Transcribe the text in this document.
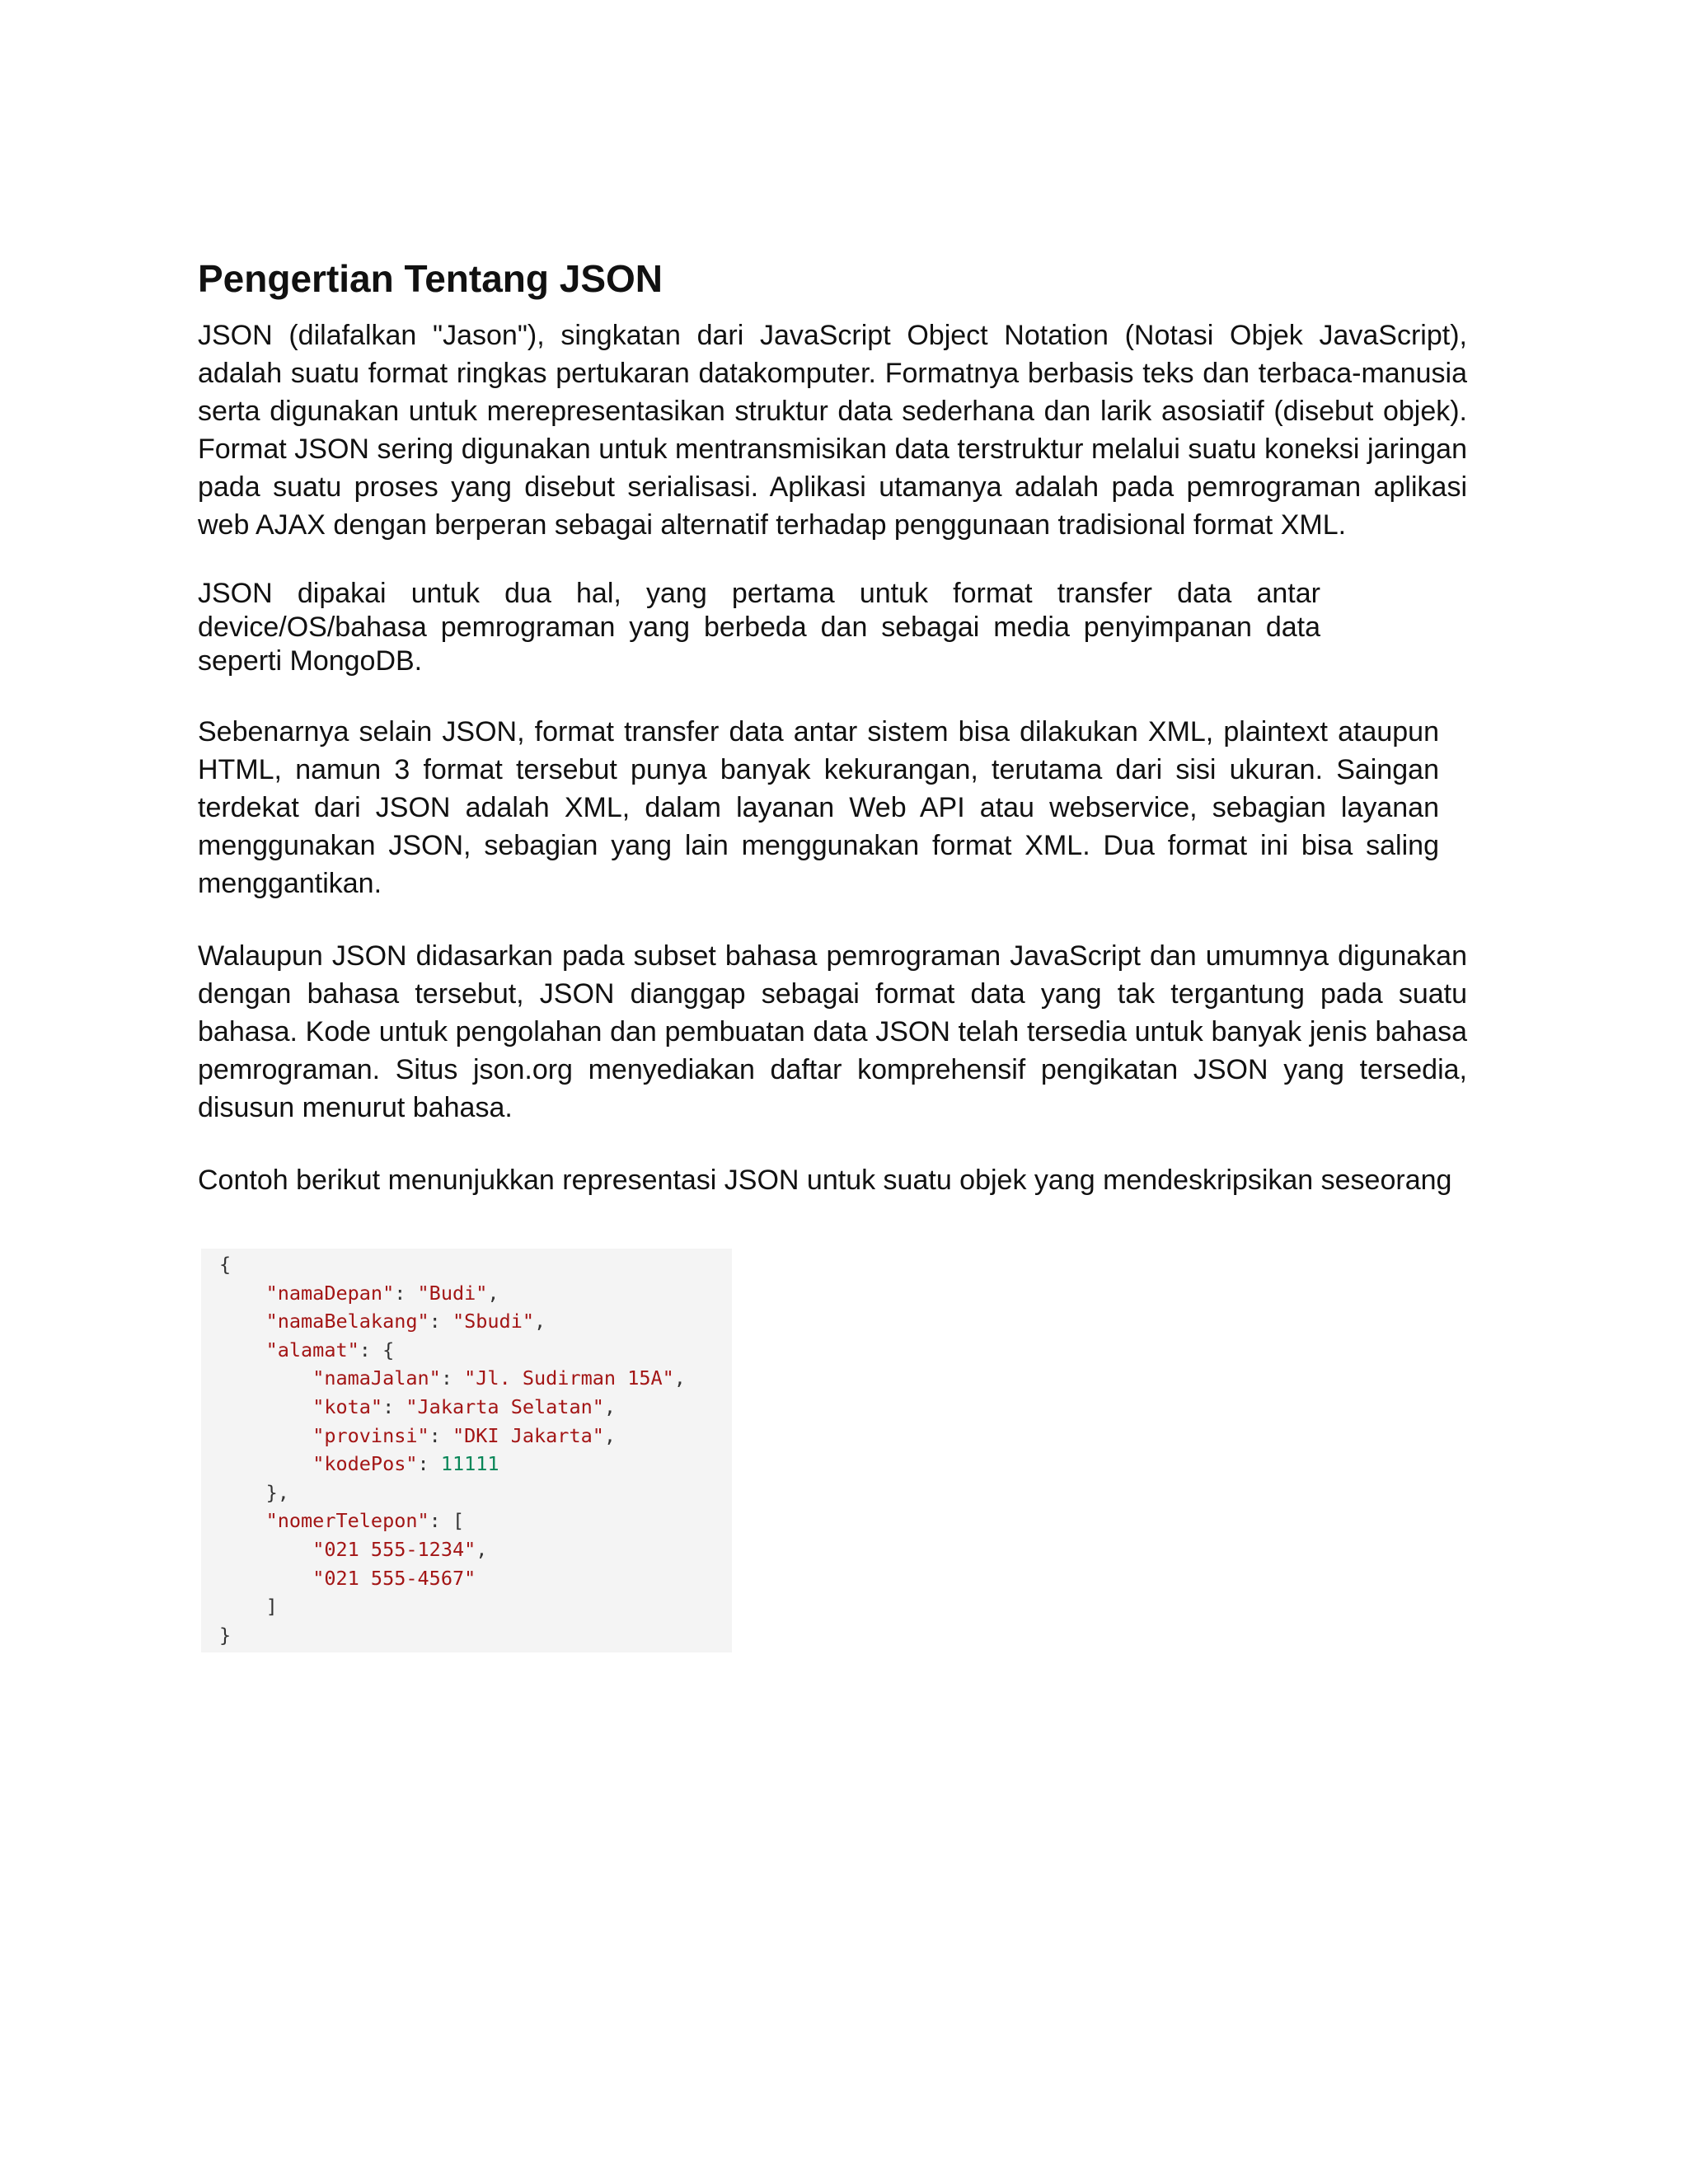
Pengertian Tentang JSON

JSON (dilafalkan "Jason"), singkatan dari JavaScript Object Notation (Notasi Objek JavaScript), adalah suatu format ringkas pertukaran datakomputer. Formatnya berbasis teks dan terbaca-manusia serta digunakan untuk merepresentasikan struktur data sederhana dan larik asosiatif (disebut objek). Format JSON sering digunakan untuk mentransmisikan data terstruktur melalui suatu koneksi jaringan pada suatu proses yang disebut serialisasi. Aplikasi utamanya adalah pada pemrograman aplikasi web AJAX dengan berperan sebagai alternatif terhadap penggunaan tradisional format XML.

JSON dipakai untuk dua hal, yang pertama untuk format transfer data antar device/OS/bahasa pemrograman yang berbeda dan sebagai media penyimpanan data seperti MongoDB.

Sebenarnya selain JSON, format transfer data antar sistem bisa dilakukan XML, plaintext ataupun HTML, namun 3 format tersebut punya banyak kekurangan, terutama dari sisi ukuran. Saingan terdekat dari JSON adalah XML, dalam layanan Web API atau webservice, sebagian layanan menggunakan JSON, sebagian yang lain menggunakan format XML. Dua format ini bisa saling menggantikan.

Walaupun JSON didasarkan pada subset bahasa pemrograman JavaScript dan umumnya digunakan dengan bahasa tersebut, JSON dianggap sebagai format data yang tak tergantung pada suatu bahasa. Kode untuk pengolahan dan pembuatan data JSON telah tersedia untuk banyak jenis bahasa pemrograman. Situs json.org menyediakan daftar komprehensif pengikatan JSON yang tersedia, disusun menurut bahasa.

Contoh berikut menunjukkan representasi JSON untuk suatu objek yang mendeskripsikan seseorang

{
"namaDepan": "Budi",
"namaBelakang": "Sbudi",
"alamat": {
"namaJalan": "Jl. Sudirman 15A",
"kota": "Jakarta Selatan",
"provinsi": "DKI Jakarta",
"kodePos": 11111
},
"nomerTelepon": [
"021 555-1234",
"021 555-4567"
]
}
